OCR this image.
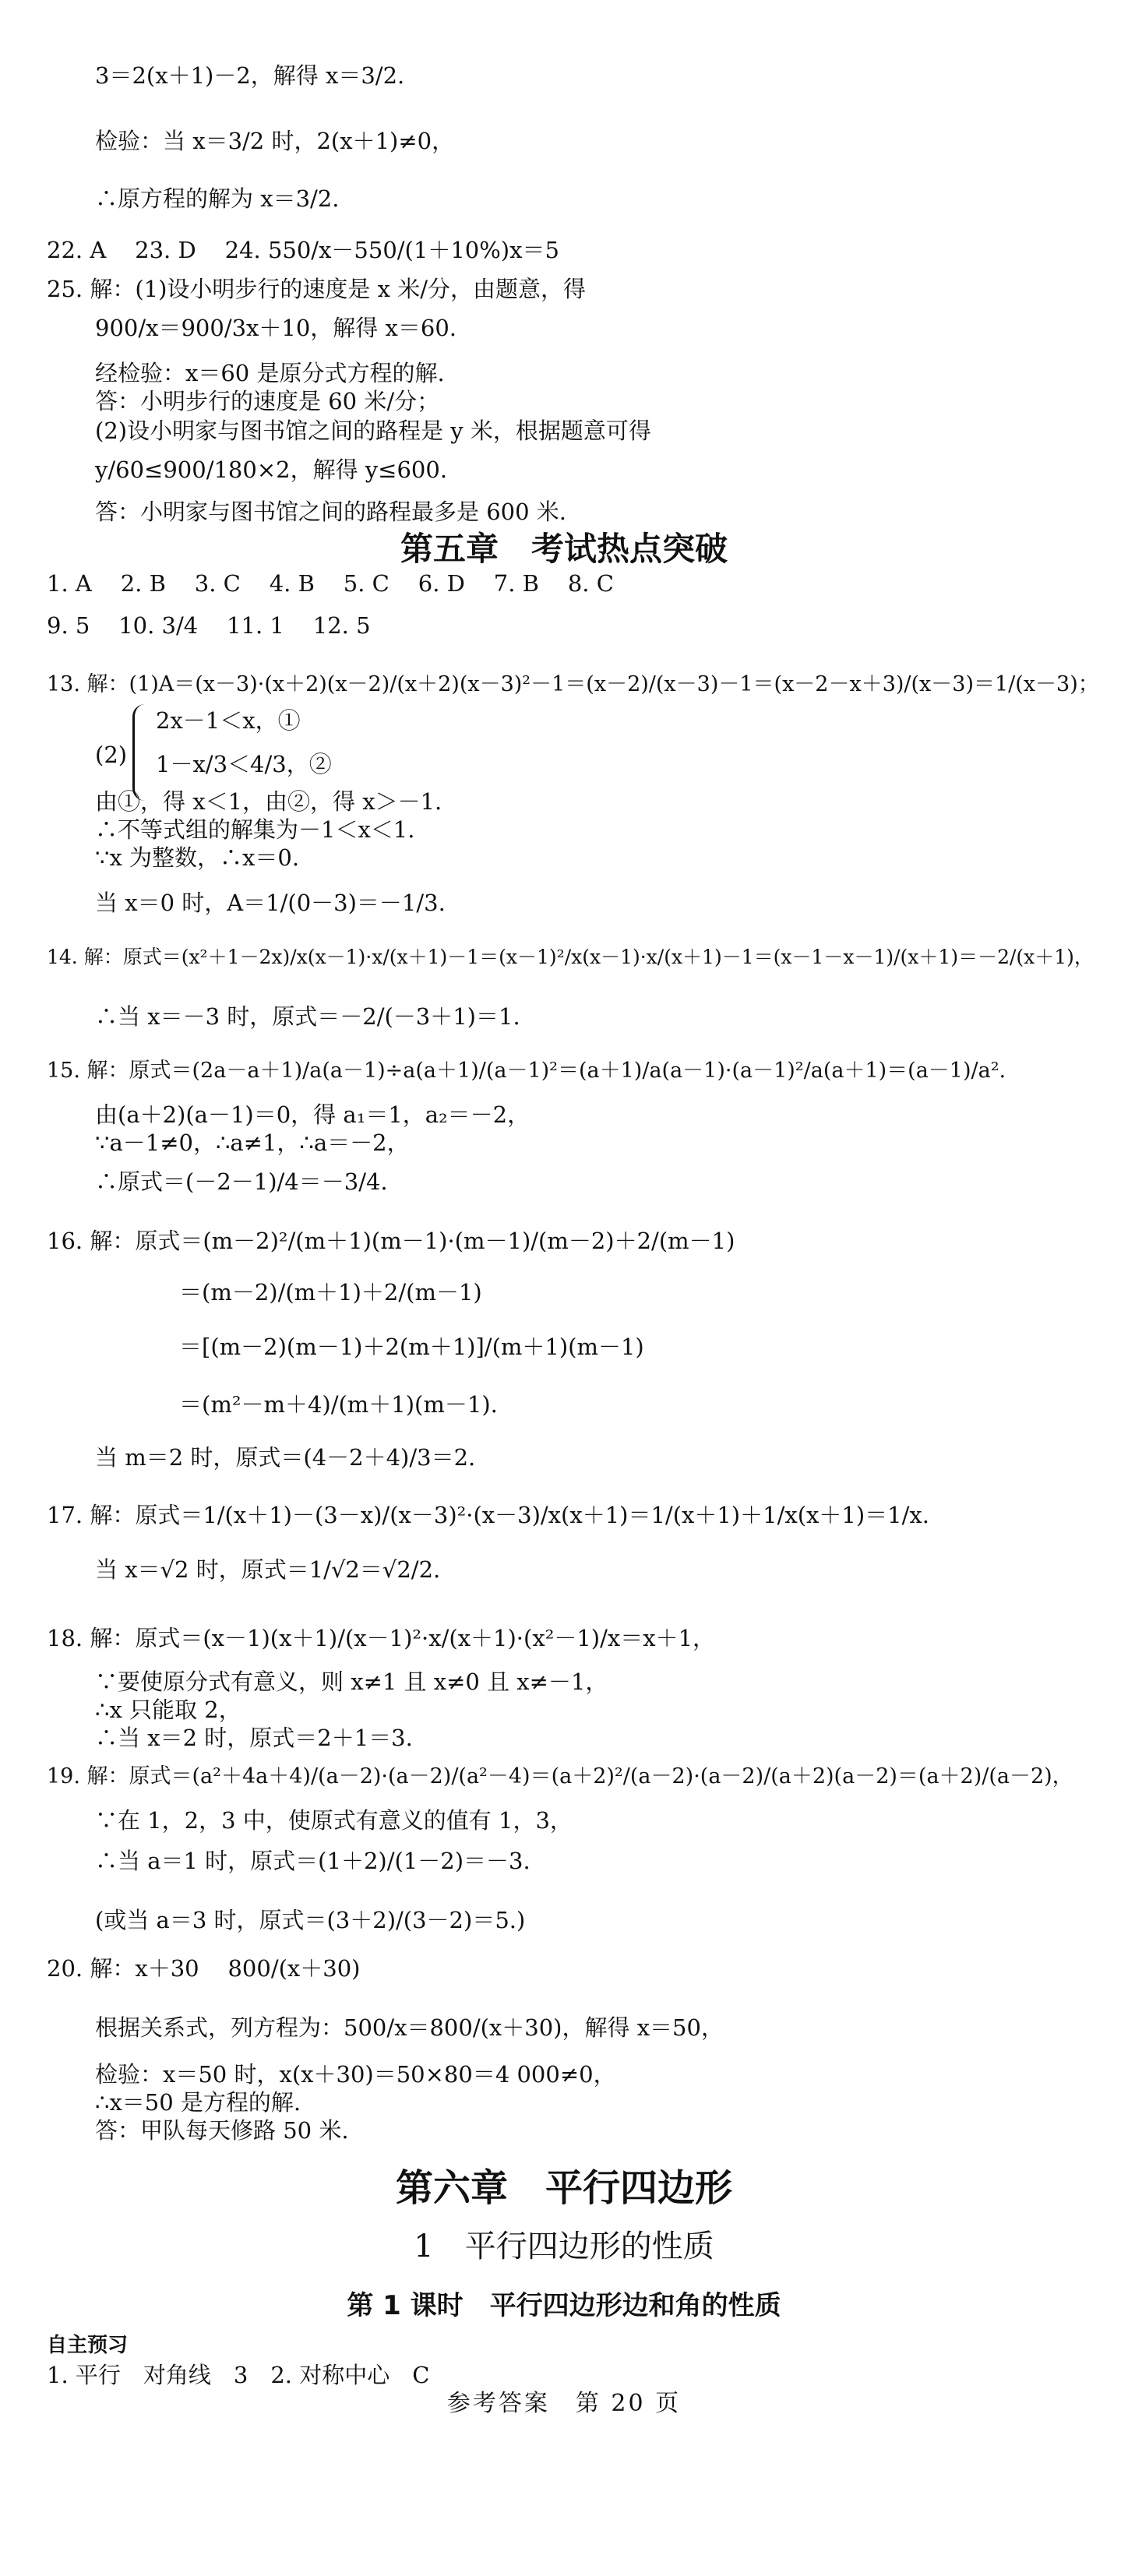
3＝2(x＋1)－2，解得 x＝3/2.
检验：当 x＝3/2 时，2(x＋1)≠0，
∴原方程的解为 x＝3/2.
22. A    23. D    24. 550/x－550/(1＋10%)x＝5
25. 解：(1)设小明步行的速度是 x 米/分，由题意，得
900/x＝900/3x＋10，解得 x＝60.
经检验：x＝60 是原分式方程的解.
答：小明步行的速度是 60 米/分；
(2)设小明家与图书馆之间的路程是 y 米，根据题意可得
y/60≤900/180×2，解得 y≤600.
答：小明家与图书馆之间的路程最多是 600 米.
1. A    2. B    3. C    4. B    5. C    6. D    7. B    8. C
9. 5    10. 3/4    11. 1    12. 5
13. 解：(1)A＝(x－3)·(x＋2)(x－2)/(x＋2)(x－3)²－1＝(x－2)/(x－3)－1＝(x－2－x＋3)/(x－3)＝1/(x－3)；
2x－1＜x，①
(2) 1－x/3＜4/3，②
由①，得 x＜1，由②，得 x＞－1.
∴不等式组的解集为－1＜x＜1.
∵x 为整数，∴x＝0.
当 x＝0 时，A＝1/(0－3)＝－1/3.
14. 解：原式＝(x²＋1－2x)/x(x－1)·x/(x＋1)－1＝(x－1)²/x(x－1)·x/(x＋1)－1＝(x－1－x－1)/(x＋1)＝－2/(x＋1)，
∴当 x＝－3 时，原式＝－2/(－3＋1)＝1.
15. 解：原式＝(2a－a＋1)/a(a－1)÷a(a＋1)/(a－1)²＝(a＋1)/a(a－1)·(a－1)²/a(a＋1)＝(a－1)/a².
由(a＋2)(a－1)＝0，得 a₁＝1，a₂＝－2，
∵a－1≠0，∴a≠1，∴a＝－2，
∴原式＝(－2－1)/4＝－3/4.
16. 解：原式＝(m－2)²/(m＋1)(m－1)·(m－1)/(m－2)＋2/(m－1)
＝(m－2)/(m＋1)＋2/(m－1)
＝[(m－2)(m－1)＋2(m＋1)]/(m＋1)(m－1)
＝(m²－m＋4)/(m＋1)(m－1).
当 m＝2 时，原式＝(4－2＋4)/3＝2.
17. 解：原式＝1/(x＋1)－(3－x)/(x－3)²·(x－3)/x(x＋1)＝1/(x＋1)＋1/x(x＋1)＝1/x.
当 x＝√2 时，原式＝1/√2＝√2/2.
18. 解：原式＝(x－1)(x＋1)/(x－1)²·x/(x＋1)·(x²－1)/x＝x＋1，
∵要使原分式有意义，则 x≠1 且 x≠0 且 x≠－1，
∴x 只能取 2，
∴当 x＝2 时，原式＝2＋1＝3.
19. 解：原式＝(a²＋4a＋4)/(a－2)·(a－2)/(a²－4)＝(a＋2)²/(a－2)·(a－2)/(a＋2)(a－2)＝(a＋2)/(a－2)，
∵在 1，2，3 中，使原式有意义的值有 1，3，
∴当 a＝1 时，原式＝(1＋2)/(1－2)＝－3.
(或当 a＝3 时，原式＝(3＋2)/(3－2)＝5.)
20. 解：x＋30    800/(x＋30)
根据关系式，列方程为：500/x＝800/(x＋30)，解得 x＝50，
检验：x＝50 时，x(x＋30)＝50×80＝4 000≠0，
∴x＝50 是方程的解.
答：甲队每天修路 50 米.
第五章　考试热点突破
第六章　平行四边形
1　平行四边形的性质
第 1 课时　平行四边形边和角的性质
自主预习
1. 平行　对角线　3　2. 对称中心　C
参考答案　第 20 页
